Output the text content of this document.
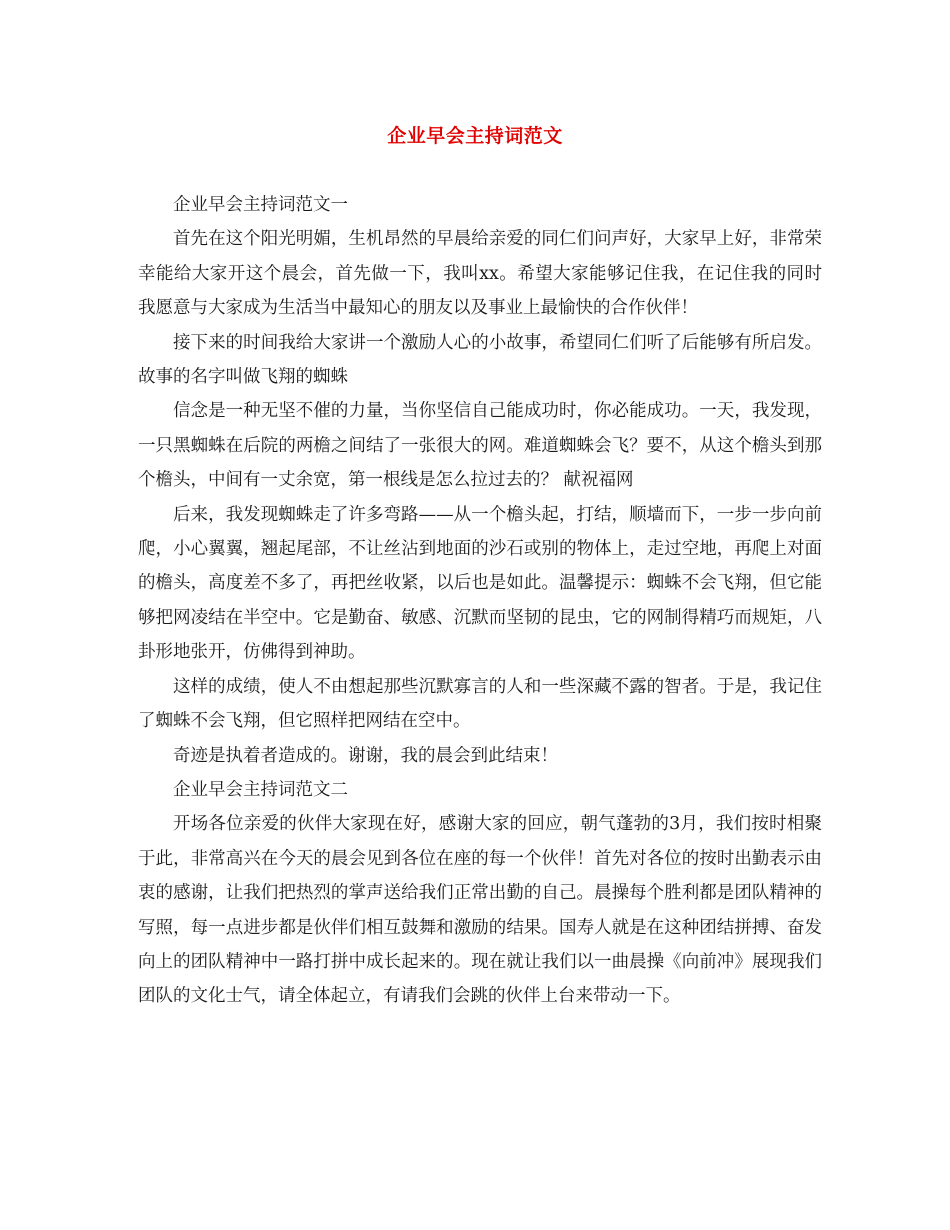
企业早会主持词范文

企业早会主持词范文一

首先在这个阳光明媚，生机昂然的早晨给亲爱的同仁们问声好，大家早上好，非常荣幸能给大家开这个晨会，首先做一下，我叫xx。希望大家能够记住我，在记住我的同时我愿意与大家成为生活当中最知心的朋友以及事业上最愉快的合作伙伴！

接下来的时间我给大家讲一个激励人心的小故事，希望同仁们听了后能够有所启发。故事的名字叫做飞翔的蜘蛛

信念是一种无坚不催的力量，当你坚信自己能成功时，你必能成功。一天，我发现，一只黑蜘蛛在后院的两檐之间结了一张很大的网。难道蜘蛛会飞？要不，从这个檐头到那个檐头，中间有一丈余宽，第一根线是怎么拉过去的？ 献祝福网

后来，我发现蜘蛛走了许多弯路——从一个檐头起，打结，顺墙而下，一步一步向前爬，小心翼翼，翘起尾部，不让丝沾到地面的沙石或别的物体上，走过空地，再爬上对面的檐头，高度差不多了，再把丝收紧，以后也是如此。温馨提示：蜘蛛不会飞翔，但它能够把网凌结在半空中。它是勤奋、敏感、沉默而坚韧的昆虫，它的网制得精巧而规矩，八卦形地张开，仿佛得到神助。

这样的成绩，使人不由想起那些沉默寡言的人和一些深藏不露的智者。于是，我记住了蜘蛛不会飞翔，但它照样把网结在空中。

奇迹是执着者造成的。谢谢，我的晨会到此结束！

企业早会主持词范文二

开场各位亲爱的伙伴大家现在好，感谢大家的回应，朝气蓬勃的3月，我们按时相聚于此，非常高兴在今天的晨会见到各位在座的每一个伙伴！首先对各位的按时出勤表示由衷的感谢，让我们把热烈的掌声送给我们正常出勤的自己。晨操每个胜利都是团队精神的写照，每一点进步都是伙伴们相互鼓舞和激励的结果。国寿人就是在这种团结拼搏、奋发向上的团队精神中一路打拼中成长起来的。现在就让我们以一曲晨操《向前冲》展现我们团队的文化士气，请全体起立，有请我们会跳的伙伴上台来带动一下。
